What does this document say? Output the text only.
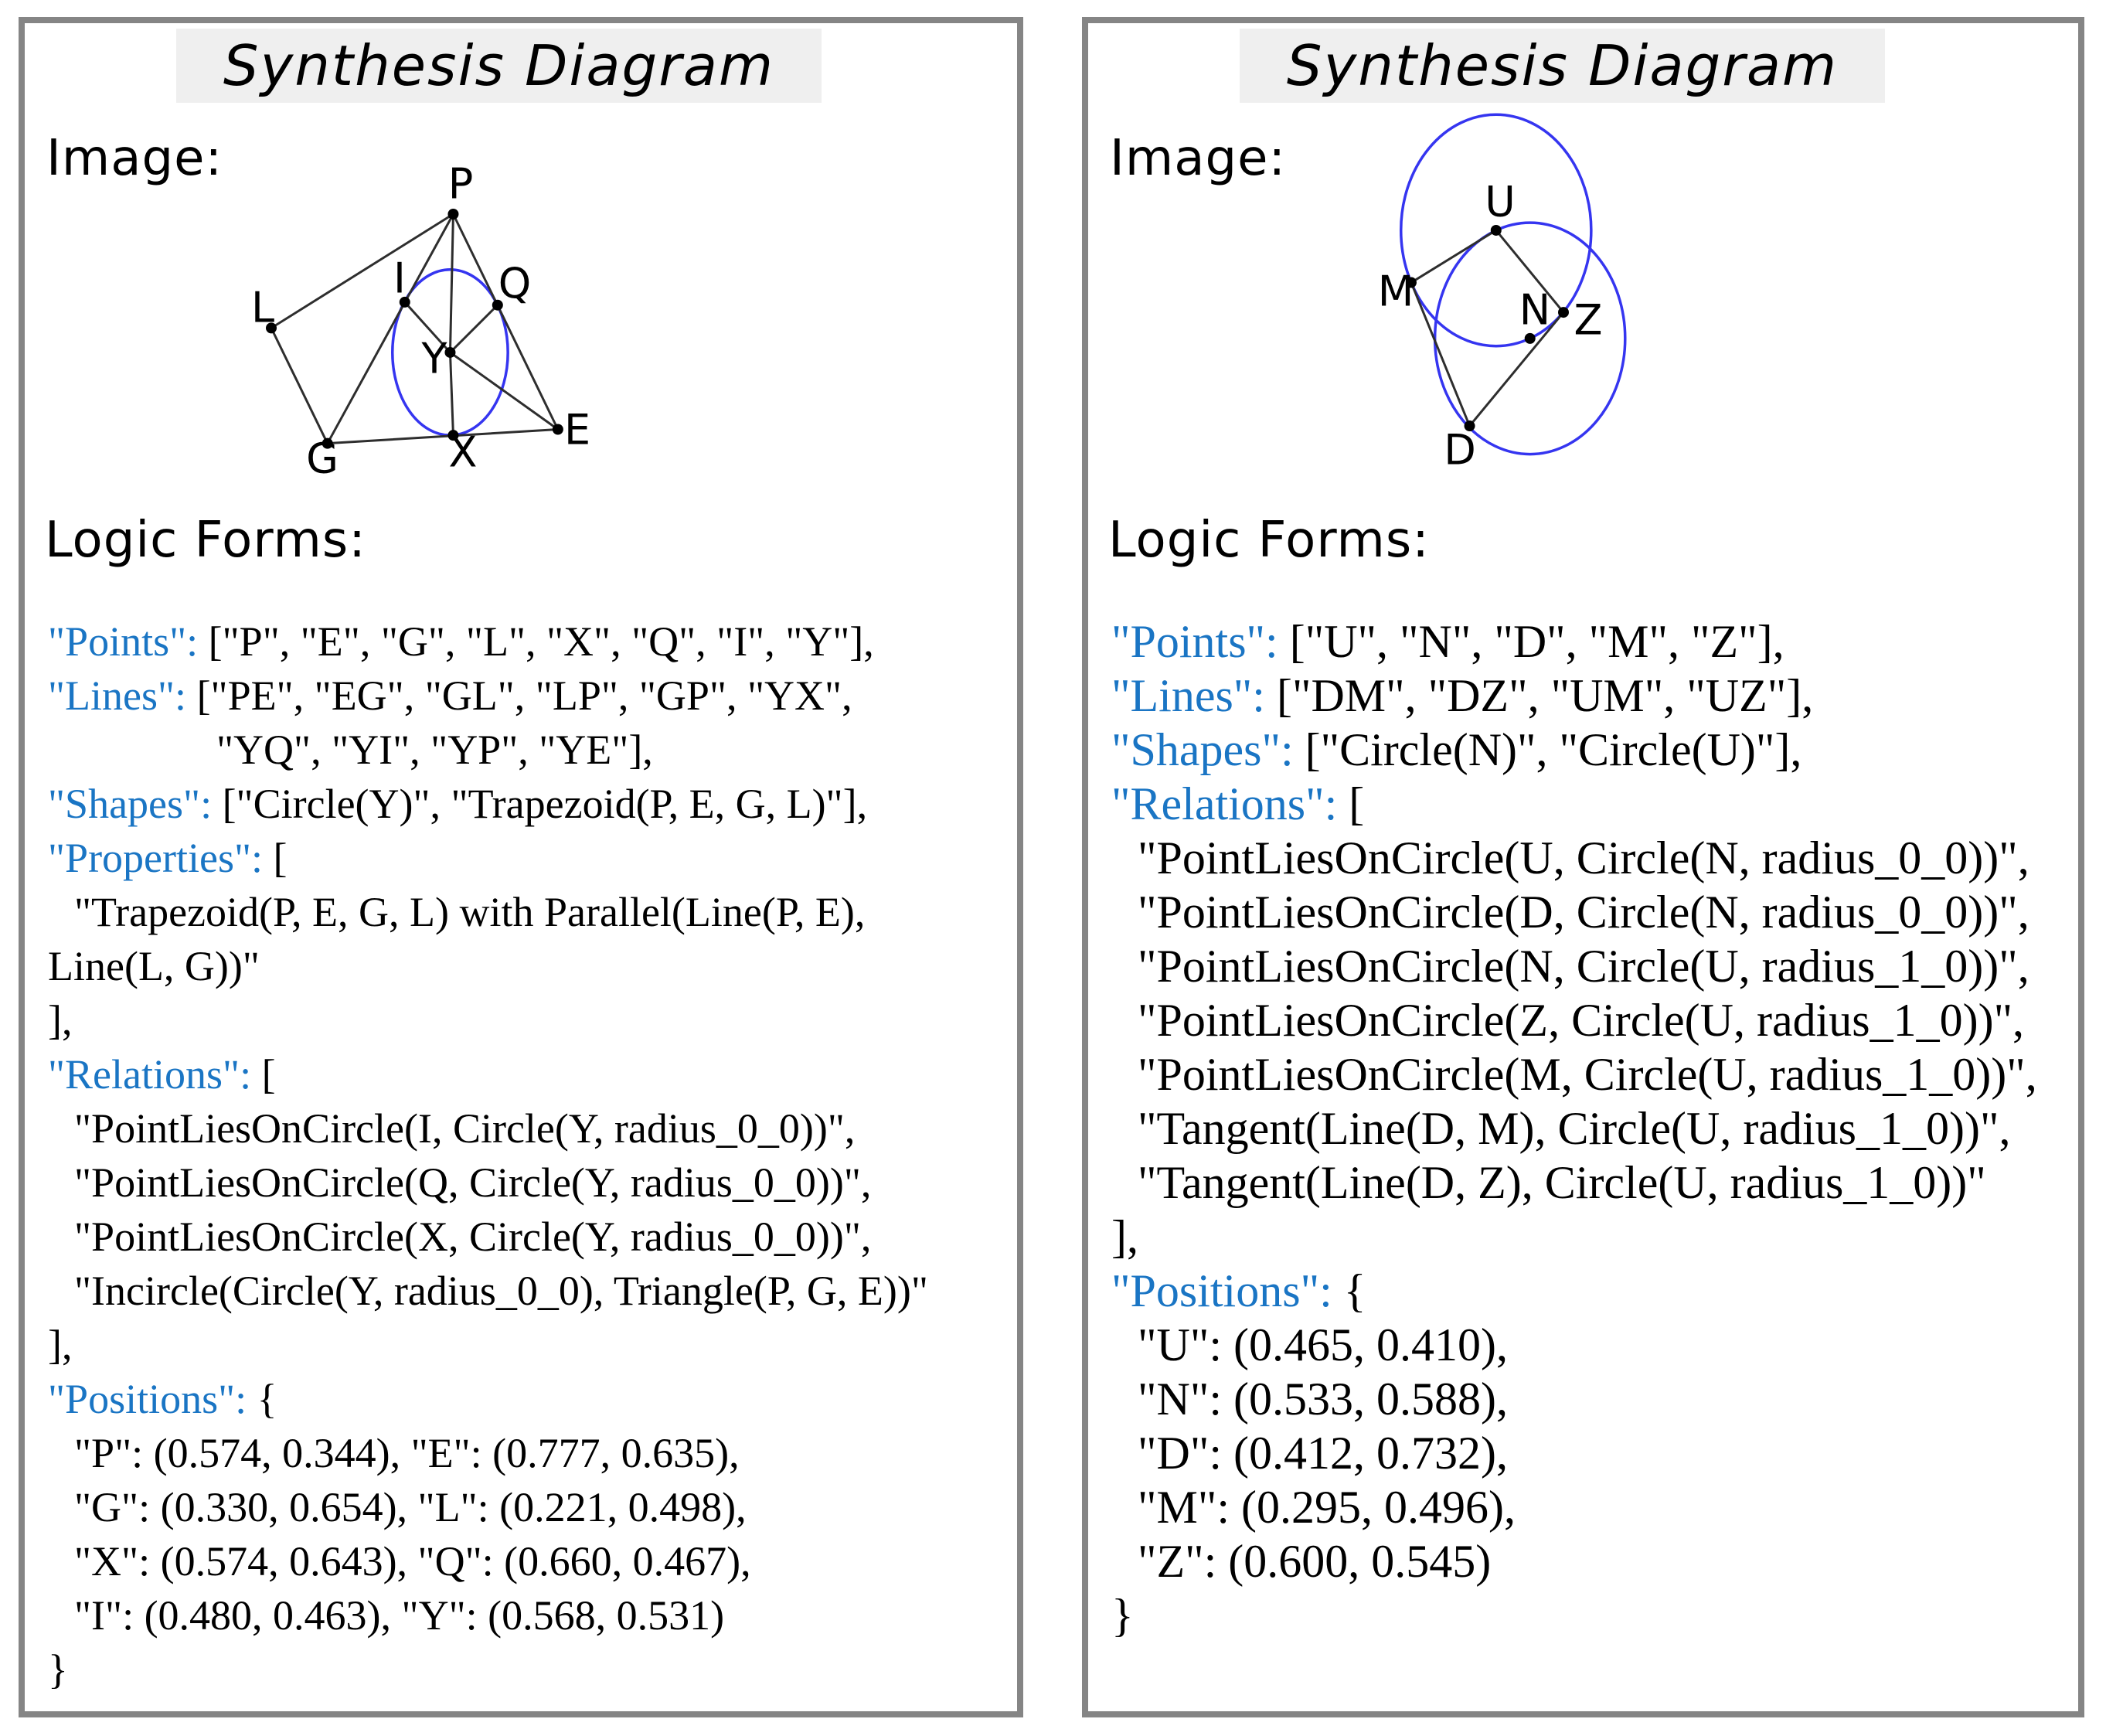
Synthesis Diagram
Image:	P
E
G
L
X
Q
I
Y
Logic Forms:
"Points": ["P", "E", "G", "L", "X", "Q", "I", "Y"],
"Lines": ["PE", "EG", "GL", "LP", "GP", "YX",
"YQ", "YI", "YP", "YE"],
"Shapes": ["Circle(Y)", "Trapezoid(P, E, G, L)"],
"Properties": [
"Trapezoid(P, E, G, L) with Parallel(Line(P, E),
Line(L, G))"
],
"Relations": [
"PointLiesOnCircle(I, Circle(Y, radius_0_0))",
"PointLiesOnCircle(Q, Circle(Y, radius_0_0))",
"PointLiesOnCircle(X, Circle(Y, radius_0_0))",
"Incircle(Circle(Y, radius_0_0), Triangle(P, G, E))"
],
"Positions": {
"P": (0.574, 0.344), "E": (0.777, 0.635),
"G": (0.330, 0.654), "L": (0.221, 0.498),
"X": (0.574, 0.643), "Q": (0.660, 0.467),
"I": (0.480, 0.463), "Y": (0.568, 0.531)
}
Synthesis Diagram
Image:
U
M	N Z
D
Logic Forms:
"Points": ["U", "N", "D", "M", "Z"],
"Lines": ["DM", "DZ", "UM", "UZ"],
"Shapes": ["Circle(N)", "Circle(U)"],
"Relations": [
"PointLiesOnCircle(U, Circle(N, radius_0_0))",
"PointLiesOnCircle(D, Circle(N, radius_0_0))",
"PointLiesOnCircle(N, Circle(U, radius_1_0))",
"PointLiesOnCircle(Z, Circle(U, radius_1_0))",
"PointLiesOnCircle(M, Circle(U, radius_1_0))",
"Tangent(Line(D, M), Circle(U, radius_1_0))",
"Tangent(Line(D, Z), Circle(U, radius_1_0))"
],
"Positions": {
"U": (0.465, 0.410),
"N": (0.533, 0.588),
"D": (0.412, 0.732),
"M": (0.295, 0.496),
"Z": (0.600, 0.545)
}
